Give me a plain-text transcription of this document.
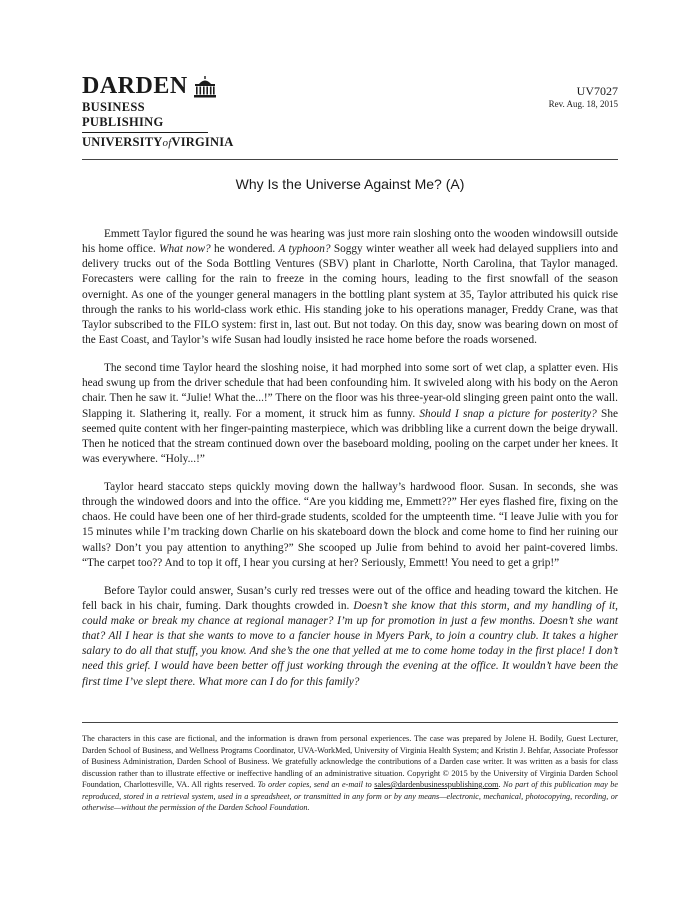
DARDEN
BUSINESS PUBLISHING
UNIVERSITYofVIRGINIA
UV7027
Rev. Aug. 18, 2015
Why Is the Universe Against Me? (A)

Emmett Taylor figured the sound he was hearing was just more rain sloshing onto the wooden windowsill outside his home office. What now? he wondered. A typhoon? Soggy winter weather all week had delayed suppliers into and delivery trucks out of the Soda Bottling Ventures (SBV) plant in Charlotte, North Carolina, that Taylor managed. Forecasters were calling for the rain to freeze in the coming hours, leading to the first snowfall of the season overnight. As one of the younger general managers in the bottling plant system at 35, Taylor attributed his quick rise through the ranks to his world-class work ethic. His standing joke to his operations manager, Freddy Crane, was that Taylor subscribed to the FILO system: first in, last out. But not today. On this day, snow was bearing down on most of the East Coast, and Taylor’s wife Susan had loudly insisted he race home before the roads worsened.

The second time Taylor heard the sloshing noise, it had morphed into some sort of wet clap, a splatter even. His head swung up from the driver schedule that had been confounding him. It swiveled along with his body on the Aeron chair. Then he saw it. “Julie! What the...!” There on the floor was his three-year-old slinging green paint onto the wall. Slapping it. Slathering it, really. For a moment, it struck him as funny. Should I snap a picture for posterity? She seemed quite content with her finger-painting masterpiece, which was dribbling like a current down the beige drywall. Then he noticed that the stream continued down over the baseboard molding, pooling on the carpet under her knees. It was everywhere. “Holy...!”

Taylor heard staccato steps quickly moving down the hallway’s hardwood floor. Susan. In seconds, she was through the windowed doors and into the office. “Are you kidding me, Emmett??” Her eyes flashed fire, fixing on the chaos. He could have been one of her third-grade students, scolded for the umpteenth time. “I leave Julie with you for 15 minutes while I’m tracking down Charlie on his skateboard down the block and come home to find her ruining our walls? Don’t you pay attention to anything?” She scooped up Julie from behind to avoid her paint-covered limbs. “The carpet too?? And to top it off, I hear you cursing at her? Seriously, Emmett! You need to get a grip!”

Before Taylor could answer, Susan’s curly red tresses were out of the office and heading toward the kitchen. He fell back in his chair, fuming. Dark thoughts crowded in. Doesn’t she know that this storm, and my handling of it, could make or break my chance at regional manager? I’m up for promotion in just a few months. Doesn’t she want that? All I hear is that she wants to move to a fancier house in Myers Park, to join a country club. It takes a higher salary to do all that stuff, you know. And she’s the one that yelled at me to come home today in the first place! I don’t need this grief. I would have been better off just working through the evening at the office. It wouldn’t have been the first time I’ve slept there. What more can I do for this family?

The characters in this case are fictional, and the information is drawn from personal experiences. The case was prepared by Jolene H. Bodily, Guest Lecturer, Darden School of Business, and Wellness Programs Coordinator, UVA-WorkMed, University of Virginia Health System; and Kristin J. Behfar, Associate Professor of Business Administration, Darden School of Business. We gratefully acknowledge the contributions of a Darden case writer. It was written as a basis for class discussion rather than to illustrate effective or ineffective handling of an administrative situation. Copyright © 2015 by the University of Virginia Darden School Foundation, Charlottesville, VA. All rights reserved. To order copies, send an e-mail to sales@dardenbusinesspublishing.com. No part of this publication may be reproduced, stored in a retrieval system, used in a spreadsheet, or transmitted in any form or by any means—electronic, mechanical, photocopying, recording, or otherwise—without the permission of the Darden School Foundation.
